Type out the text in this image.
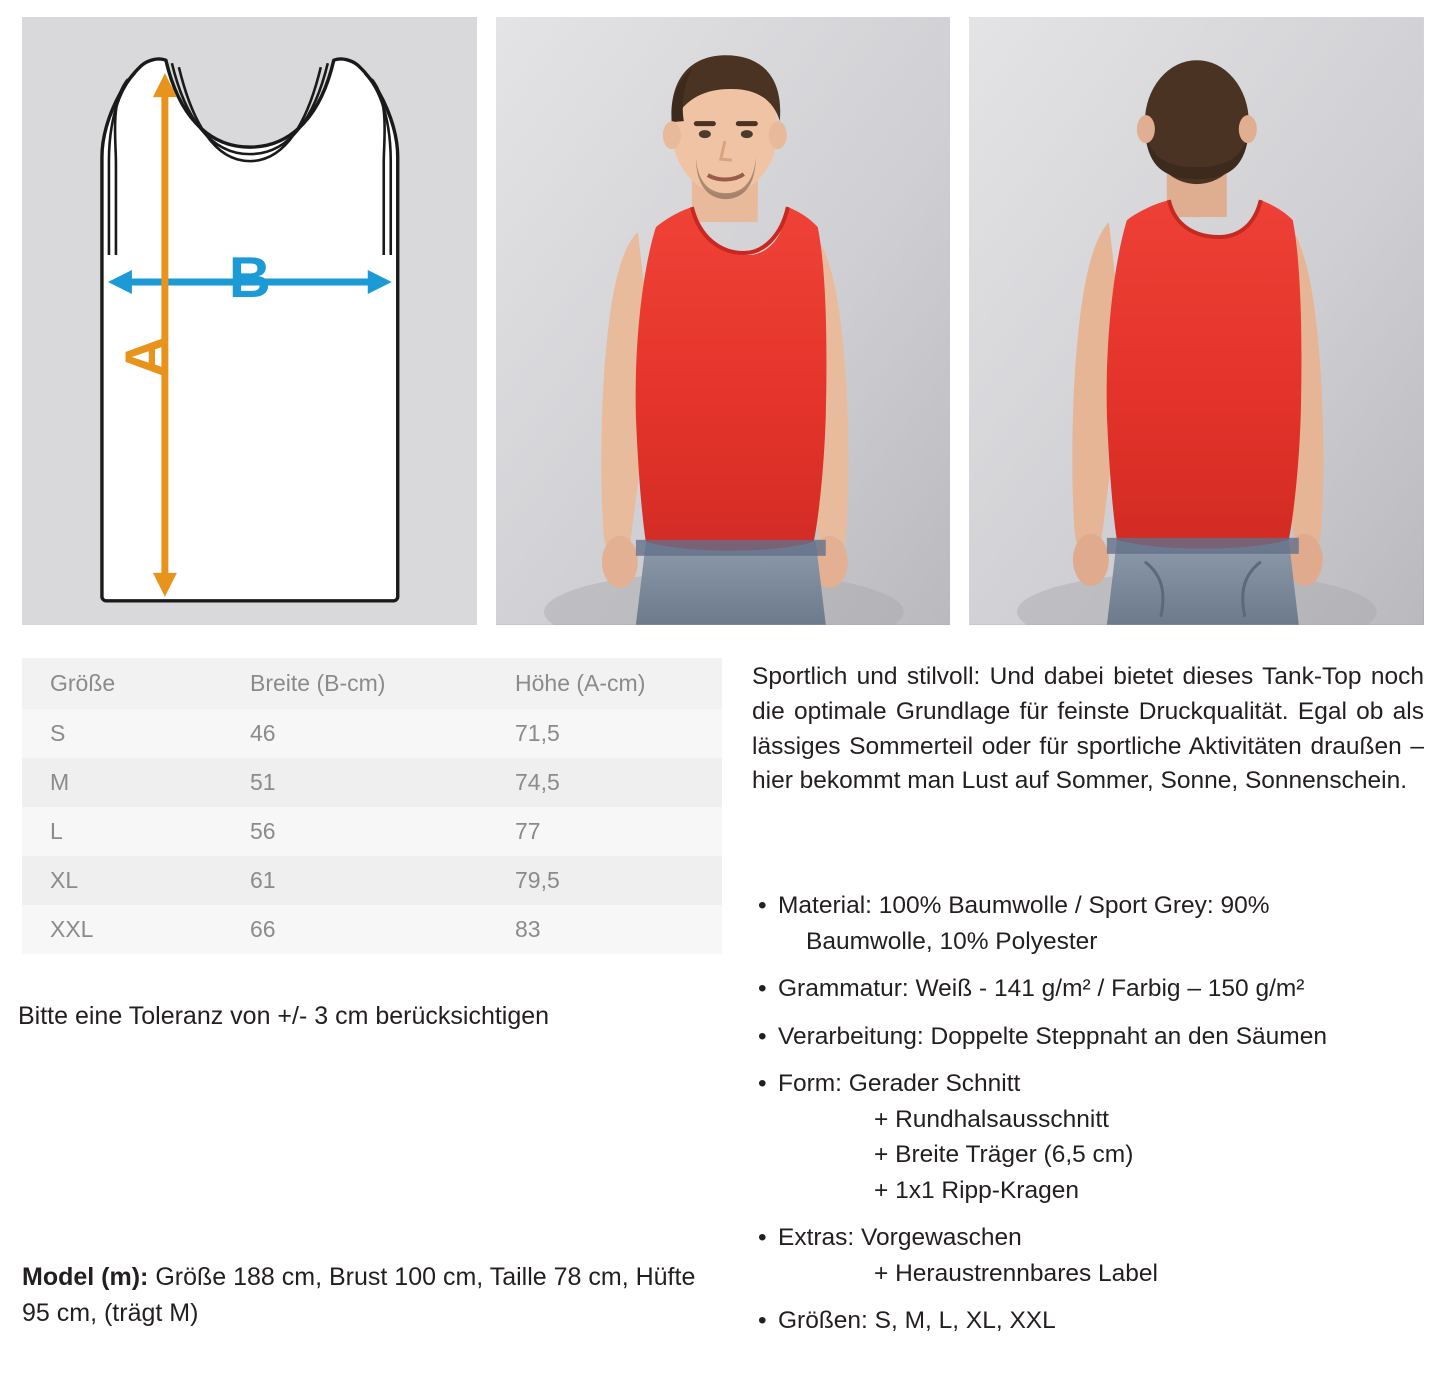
B
A
Größe	Breite (B-cm)	Höhe (A-cm)
S	46	71,5
M	51	74,5
L	56	77
XL	61	79,5
XXL	66	83
Bitte eine Toleranz von +/- 3 cm berücksichtigen
Model (m): Größe 188 cm, Brust 100 cm, Taille 78 cm, Hüfte 95 cm, (trägt M)
Sportlich und stilvoll: Und dabei bietet dieses Tank-Top noch die optimale Grundlage für feinste Druckqualität. Egal ob als lässiges Sommerteil oder für sportliche Aktivitäten draußen – hier bekommt man Lust auf Sommer, Sonne, Sonnenschein.
• Material: 100% Baumwolle / Sport Grey: 90%
Baumwolle, 10% Polyester
• Grammatur: Weiß - 141 g/m² / Farbig – 150 g/m²
• Verarbeitung: Doppelte Steppnaht an den Säumen
• Form: Gerader Schnitt
+ Rundhalsausschnitt
+ Breite Träger (6,5 cm)
+ 1x1 Ripp-Kragen
• Extras: Vorgewaschen
+ Heraustrennbares Label
• Größen: S, M, L, XL, XXL
